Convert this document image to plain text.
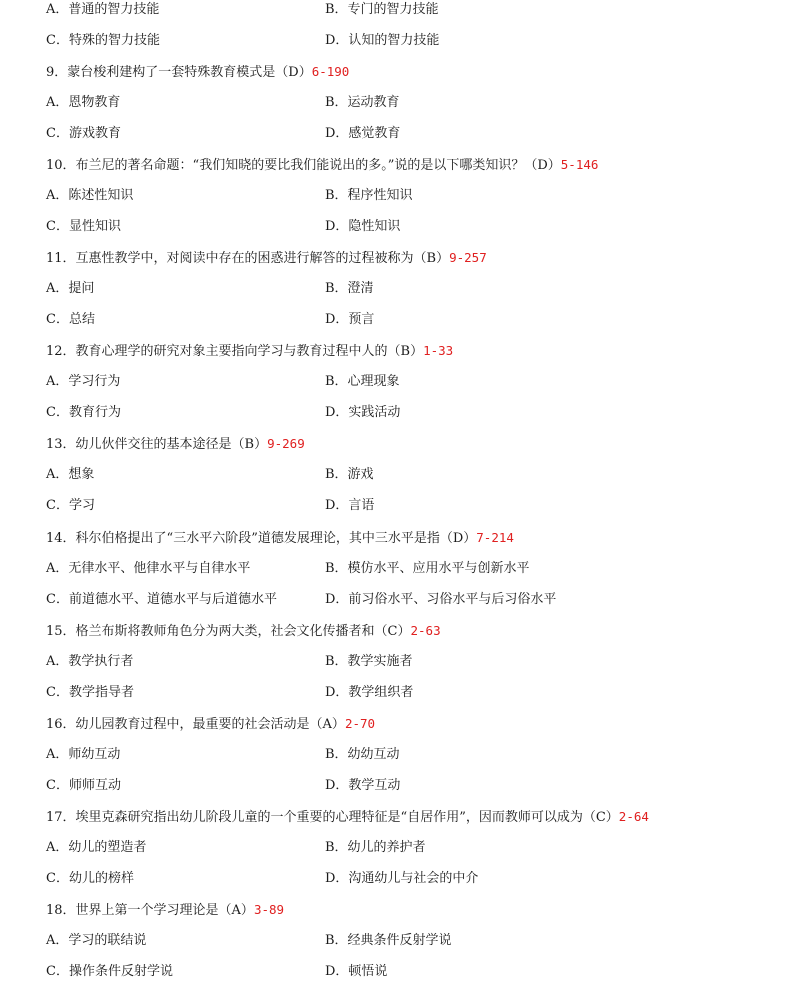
A．普通的智力技能	B．专门的智力技能
C．特殊的智力技能	D．认知的智力技能
9．蒙台梭利建构了一套特殊教育模式是（D）6-190
A．恩物教育	B．运动教育
C．游戏教育	D．感觉教育
10．布兰尼的著名命题：“我们知晓的要比我们能说出的多。”说的是以下哪类知识？（D）5-146
A．陈述性知识	B．程序性知识
C．显性知识	D．隐性知识
11．互惠性教学中，对阅读中存在的困惑进行解答的过程被称为（B）9-257
A．提问	B．澄清
C．总结	D．预言
12．教育心理学的研究对象主要指向学习与教育过程中人的（B）1-33
A．学习行为	B．心理现象
C．教育行为	D．实践活动
13．幼儿伙伴交往的基本途径是（B）9-269
A．想象	B．游戏
C．学习	D．言语
14．科尔伯格提出了“三水平六阶段”道德发展理论，其中三水平是指（D）7-214
A．无律水平、他律水平与自律水平	B．模仿水平、应用水平与创新水平
C．前道德水平、道德水平与后道德水平	D．前习俗水平、习俗水平与后习俗水平
15．格兰布斯将教师角色分为两大类，社会文化传播者和（C）2-63
A．教学执行者	B．教学实施者
C．教学指导者	D．教学组织者
16．幼儿园教育过程中，最重要的社会活动是（A）2-70
A．师幼互动	B．幼幼互动
C．师师互动	D．教学互动
17．埃里克森研究指出幼儿阶段儿童的一个重要的心理特征是“自居作用”，因而教师可以成为（C）2-64
A．幼儿的塑造者	B．幼儿的养护者
C．幼儿的榜样	D．沟通幼儿与社会的中介
18．世界上第一个学习理论是（A）3-89
A．学习的联结说	B．经典条件反射学说
C．操作条件反射学说	D．顿悟说
